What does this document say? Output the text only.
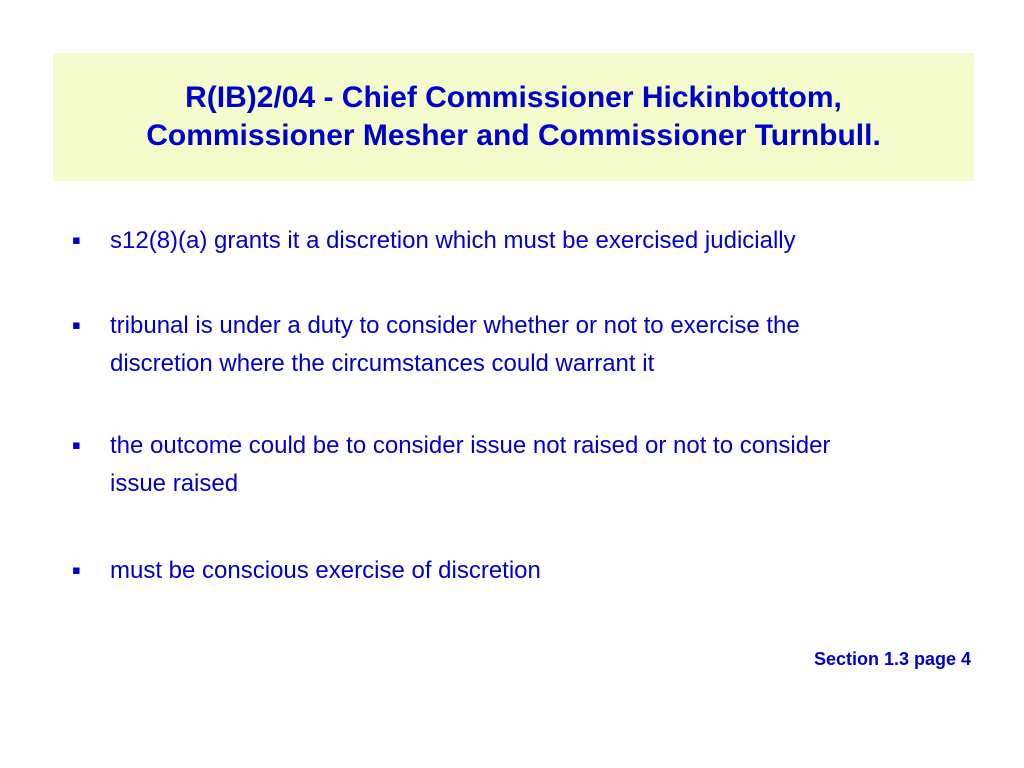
R(IB)2/04 - Chief Commissioner Hickinbottom,
Commissioner Mesher and Commissioner Turnbull.
▪	s12(8)(a) grants it a discretion which must be exercised judicially
▪	tribunal is under a duty to consider whether or not to exercise the
discretion where the circumstances could warrant it
▪	the outcome could be to consider issue not raised or not to consider
issue raised
▪	must be conscious exercise of discretion
Section 1.3 page 4
